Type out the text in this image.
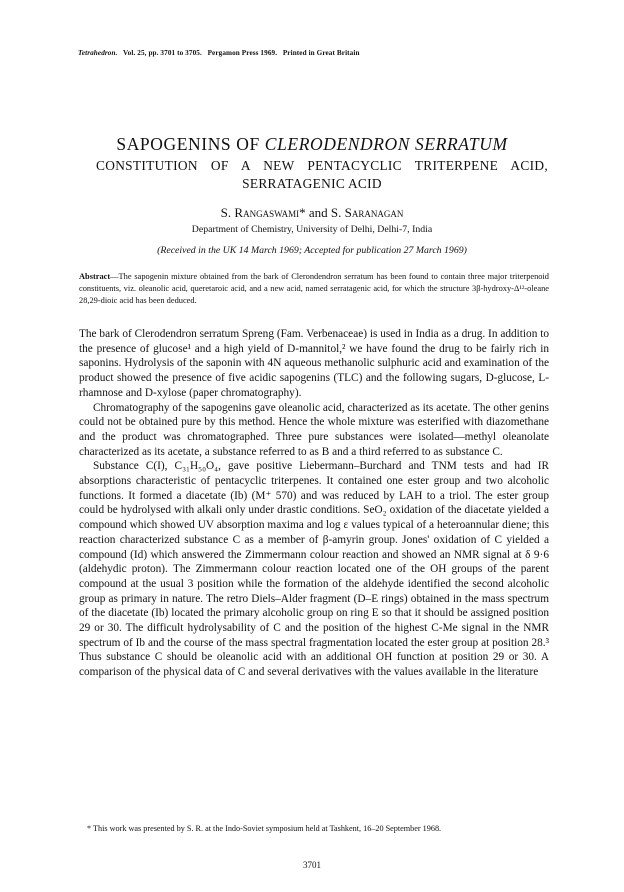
Tetrahedron. Vol. 25, pp. 3701 to 3705. Pergamon Press 1969. Printed in Great Britain
SAPOGENINS OF CLERODENDRON SERRATUM
CONSTITUTION OF A NEW PENTACYCLIC TRITERPENE ACID,
SERRATAGENIC ACID
S. Rangaswami* and S. Saranagan
Department of Chemistry, University of Delhi, Delhi-7, India
(Received in the UK 14 March 1969; Accepted for publication 27 March 1969)
Abstract—The sapogenin mixture obtained from the bark of Clerondendron serratum has been found to contain three major triterpenoid constituents, viz. oleanolic acid, queretaroic acid, and a new acid, named serratagenic acid, for which the structure 3β-hydroxy-Δ¹²-oleane 28,29-dioic acid has been deduced.

The bark of Clerodendron serratum Spreng (Fam. Verbenaceae) is used in India as a drug. In addition to the presence of glucose¹ and a high yield of D-mannitol,² we have found the drug to be fairly rich in saponins. Hydrolysis of the saponin with 4N aqueous methanolic sulphuric acid and examination of the product showed the presence of five acidic sapogenins (TLC) and the following sugars, D-glucose, L-rhamnose and D-xylose (paper chromatography).

Chromatography of the sapogenins gave oleanolic acid, characterized as its acetate. The other genins could not be obtained pure by this method. Hence the whole mixture was esterified with diazomethane and the product was chromatographed. Three pure substances were isolated—methyl oleanolate characterized as its acetate, a substance referred to as B and a third referred to as substance C.

Substance C(I), C₃₁H₅₀O₄, gave positive Liebermann–Burchard and TNM tests and had IR absorptions characteristic of pentacyclic triterpenes. It contained one ester group and two alcoholic functions. It formed a diacetate (Ib) (M⁺ 570) and was reduced by LAH to a triol. The ester group could be hydrolysed with alkali only under drastic conditions. SeO₂ oxidation of the diacetate yielded a compound which showed UV absorption maxima and log ε values typical of a heteroannular diene; this reaction characterized substance C as a member of β-amyrin group. Jones' oxidation of C yielded a compound (Id) which answered the Zimmermann colour reaction and showed an NMR signal at δ 9·6 (aldehydic proton). The Zimmermann colour reaction located one of the OH groups of the parent compound at the usual 3 position while the formation of the aldehyde identified the second alcoholic group as primary in nature. The retro Diels–Alder fragment (D–E rings) obtained in the mass spectrum of the diacetate (Ib) located the primary alcoholic group on ring E so that it should be assigned position 29 or 30. The difficult hydrolysability of C and the position of the highest C-Me signal in the NMR spectrum of Ib and the course of the mass spectral fragmentation located the ester group at position 28.³ Thus substance C should be oleanolic acid with an additional OH function at position 29 or 30. A comparison of the physical data of C and several derivatives with the values available in the literature

* This work was presented by S. R. at the Indo-Soviet symposium held at Tashkent, 16–20 September 1968.
3701
